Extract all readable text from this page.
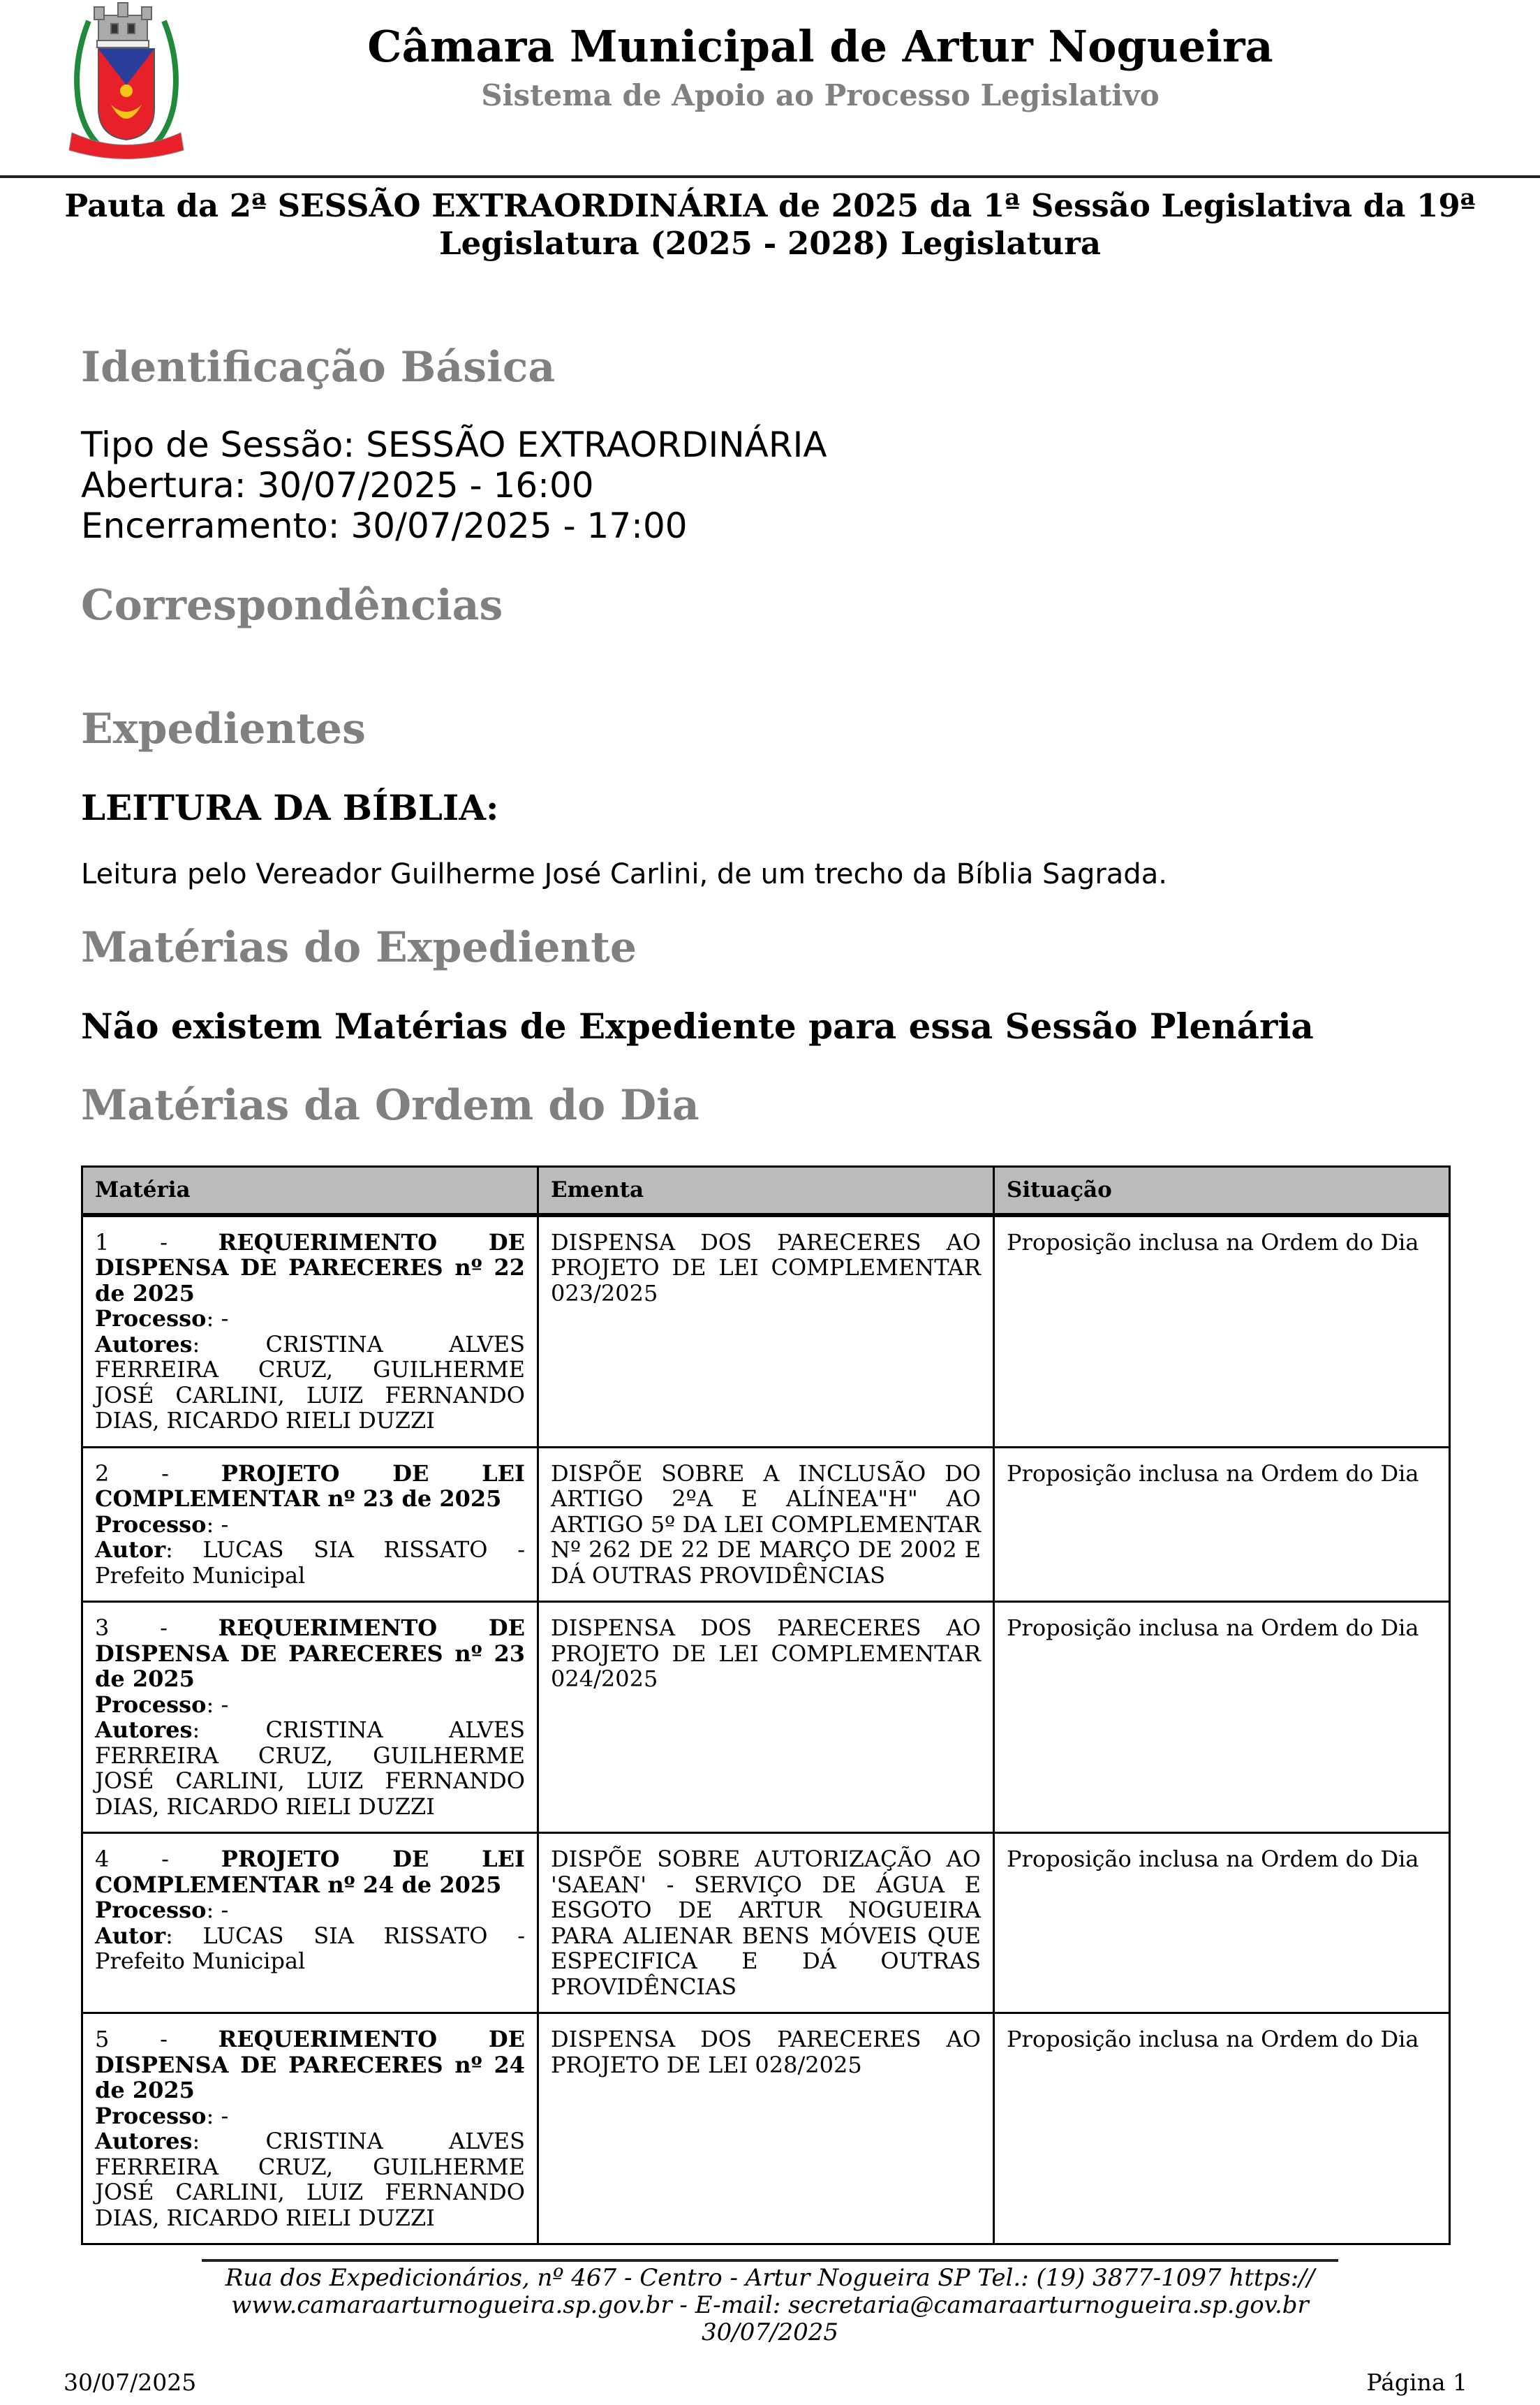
Câmara Municipal de Artur Nogueira
Sistema de Apoio ao Processo Legislativo
Pauta da 2ª SESSÃO EXTRAORDINÁRIA de 2025 da 1ª Sessão Legislativa da 19ª Legislatura (2025 - 2028) Legislatura
Identificação Básica
Tipo de Sessão: SESSÃO EXTRAORDINÁRIA
Abertura: 30/07/2025 - 16:00
Encerramento: 30/07/2025 - 17:00
Correspondências
Expedientes
LEITURA DA BÍBLIA:
Leitura pelo Vereador Guilherme José Carlini, de um trecho da Bíblia Sagrada.
Matérias do Expediente
Não existem Matérias de Expediente para essa Sessão Plenária
Matérias da Ordem do Dia
Matéria	Ementa	Situação
1 - REQUERIMENTO DE DISPENSA DE PARECERES nº 22 de 2025
Processo: -
Autores: CRISTINA ALVES FERREIRA CRUZ, GUILHERME JOSÉ CARLINI, LUIZ FERNANDO DIAS, RICARDO RIELI DUZZI	DISPENSA DOS PARECERES AO PROJETO DE LEI COMPLEMENTAR 023/2025	Proposição inclusa na Ordem do Dia
2 - PROJETO DE LEI COMPLEMENTAR nº 23 de 2025
Processo: -
Autor: LUCAS SIA RISSATO - Prefeito Municipal	DISPÕE SOBRE A INCLUSÃO DO ARTIGO 2ºA E ALÍNEA"H" AO ARTIGO 5º DA LEI COMPLEMENTAR Nº 262 DE 22 DE MARÇO DE 2002 E DÁ OUTRAS PROVIDÊNCIAS	Proposição inclusa na Ordem do Dia
3 - REQUERIMENTO DE DISPENSA DE PARECERES nº 23 de 2025
Processo: -
Autores: CRISTINA ALVES FERREIRA CRUZ, GUILHERME JOSÉ CARLINI, LUIZ FERNANDO DIAS, RICARDO RIELI DUZZI	DISPENSA DOS PARECERES AO PROJETO DE LEI COMPLEMENTAR 024/2025	Proposição inclusa na Ordem do Dia
4 - PROJETO DE LEI COMPLEMENTAR nº 24 de 2025
Processo: -
Autor: LUCAS SIA RISSATO - Prefeito Municipal	DISPÕE SOBRE AUTORIZAÇÃO AO 'SAEAN' - SERVIÇO DE ÁGUA E ESGOTO DE ARTUR NOGUEIRA PARA ALIENAR BENS MÓVEIS QUE ESPECIFICA E DÁ OUTRAS PROVIDÊNCIAS	Proposição inclusa na Ordem do Dia
5 - REQUERIMENTO DE DISPENSA DE PARECERES nº 24 de 2025
Processo: -
Autores: CRISTINA ALVES FERREIRA CRUZ, GUILHERME JOSÉ CARLINI, LUIZ FERNANDO DIAS, RICARDO RIELI DUZZI	DISPENSA DOS PARECERES AO PROJETO DE LEI 028/2025	Proposição inclusa na Ordem do Dia
Rua dos Expedicionários, nº 467 - Centro - Artur Nogueira SP Tel.: (19) 3877-1097 https:// www.camaraarturnogueira.sp.gov.br - E-mail: secretaria@camaraarturnogueira.sp.gov.br
30/07/2025
30/07/2025	Página 1
